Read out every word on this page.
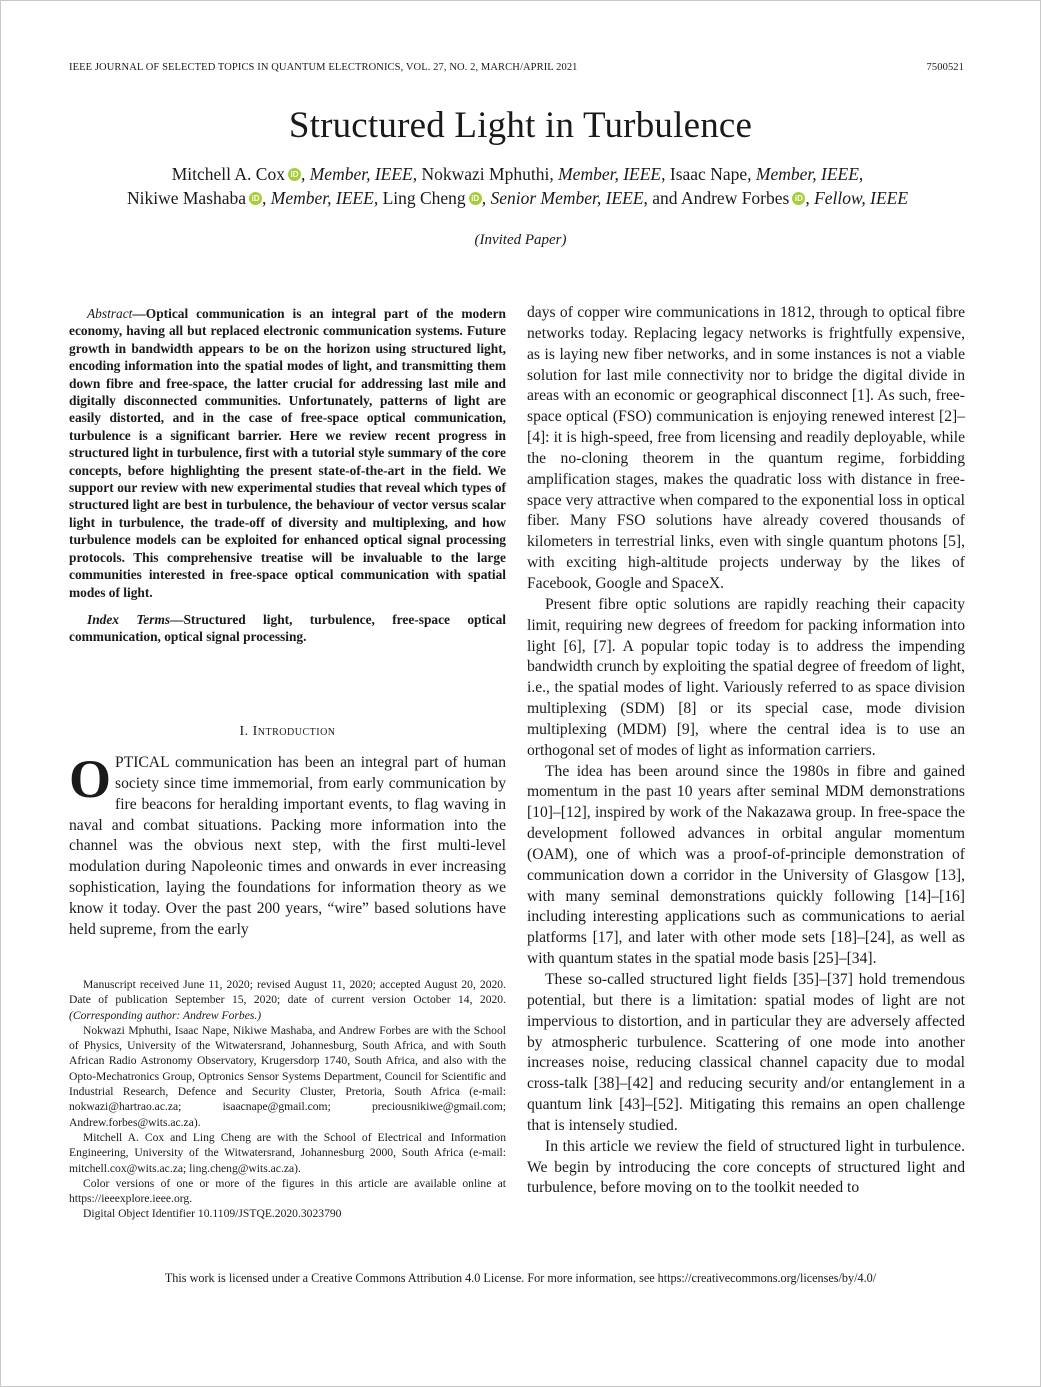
IEEE JOURNAL OF SELECTED TOPICS IN QUANTUM ELECTRONICS, VOL. 27, NO. 2, MARCH/APRIL 2021	7500521
Structured Light in Turbulence
Mitchell A. Cox iD , Member, IEEE, Nokwazi Mphuthi, Member, IEEE, Isaac Nape, Member, IEEE,
Nikiwe Mashaba iD , Member, IEEE, Ling Cheng iD , Senior Member, IEEE, and Andrew Forbes iD , Fellow, IEEE
(Invited Paper)

Abstract—Optical communication is an integral part of the modern economy, having all but replaced electronic communication systems. Future growth in bandwidth appears to be on the horizon using structured light, encoding information into the spatial modes of light, and transmitting them down fibre and free-space, the latter crucial for addressing last mile and digitally disconnected communities. Unfortunately, patterns of light are easily distorted, and in the case of free-space optical communication, turbulence is a significant barrier. Here we review recent progress in structured light in turbulence, first with a tutorial style summary of the core concepts, before highlighting the present state-of-the-art in the field. We support our review with new experimental studies that reveal which types of structured light are best in turbulence, the behaviour of vector versus scalar light in turbulence, the trade-off of diversity and multiplexing, and how turbulence models can be exploited for enhanced optical signal processing protocols. This comprehensive treatise will be invaluable to the large communities interested in free-space optical communication with spatial modes of light.

Index Terms—Structured light, turbulence, free-space optical communication, optical signal processing.

I. Introduction

OPTICAL communication has been an integral part of human society since time immemorial, from early communication by fire beacons for heralding important events, to flag waving in naval and combat situations. Packing more information into the channel was the obvious next step, with the first multi-level modulation during Napoleonic times and onwards in ever increasing sophistication, laying the foundations for information theory as we know it today. Over the past 200 years, “wire” based solutions have held supreme, from the early

Manuscript received June 11, 2020; revised August 11, 2020; accepted August 20, 2020. Date of publication September 15, 2020; date of current version October 14, 2020. (Corresponding author: Andrew Forbes.)

Nokwazi Mphuthi, Isaac Nape, Nikiwe Mashaba, and Andrew Forbes are with the School of Physics, University of the Witwatersrand, Johannesburg, South Africa, and with South African Radio Astronomy Observatory, Krugersdorp 1740, South Africa, and also with the Opto-Mechatronics Group, Optronics Sensor Systems Department, Council for Scientific and Industrial Research, Defence and Security Cluster, Pretoria, South Africa (e-mail: nokwazi@hartrao.ac.za; isaacnape@gmail.com; preciousnikiwe@gmail.com; Andrew.forbes@wits.ac.za).

Mitchell A. Cox and Ling Cheng are with the School of Electrical and Information Engineering, University of the Witwatersrand, Johannesburg 2000, South Africa (e-mail: mitchell.cox@wits.ac.za; ling.cheng@wits.ac.za).

Color versions of one or more of the figures in this article are available online at https://ieeexplore.ieee.org.

Digital Object Identifier 10.1109/JSTQE.2020.3023790

days of copper wire communications in 1812, through to optical fibre networks today. Replacing legacy networks is frightfully expensive, as is laying new fiber networks, and in some instances is not a viable solution for last mile connectivity nor to bridge the digital divide in areas with an economic or geographical disconnect [1]. As such, free-space optical (FSO) communication is enjoying renewed interest [2]–[4]: it is high-speed, free from licensing and readily deployable, while the no-cloning theorem in the quantum regime, forbidding amplification stages, makes the quadratic loss with distance in free-space very attractive when compared to the exponential loss in optical fiber. Many FSO solutions have already covered thousands of kilometers in terrestrial links, even with single quantum photons [5], with exciting high-altitude projects underway by the likes of Facebook, Google and SpaceX.

Present fibre optic solutions are rapidly reaching their capacity limit, requiring new degrees of freedom for packing information into light [6], [7]. A popular topic today is to address the impending bandwidth crunch by exploiting the spatial degree of freedom of light, i.e., the spatial modes of light. Variously referred to as space division multiplexing (SDM) [8] or its special case, mode division multiplexing (MDM) [9], where the central idea is to use an orthogonal set of modes of light as information carriers.

The idea has been around since the 1980s in fibre and gained momentum in the past 10 years after seminal MDM demonstrations [10]–[12], inspired by work of the Nakazawa group. In free-space the development followed advances in orbital angular momentum (OAM), one of which was a proof-of-principle demonstration of communication down a corridor in the University of Glasgow [13], with many seminal demonstrations quickly following [14]–[16] including interesting applications such as communications to aerial platforms [17], and later with other mode sets [18]–[24], as well as with quantum states in the spatial mode basis [25]–[34].

These so-called structured light fields [35]–[37] hold tremendous potential, but there is a limitation: spatial modes of light are not impervious to distortion, and in particular they are adversely affected by atmospheric turbulence. Scattering of one mode into another increases noise, reducing classical channel capacity due to modal cross-talk [38]–[42] and reducing security and/or entanglement in a quantum link [43]–[52]. Mitigating this remains an open challenge that is intensely studied.

In this article we review the field of structured light in turbulence. We begin by introducing the core concepts of structured light and turbulence, before moving on to the toolkit needed to

This work is licensed under a Creative Commons Attribution 4.0 License. For more information, see https://creativecommons.org/licenses/by/4.0/
